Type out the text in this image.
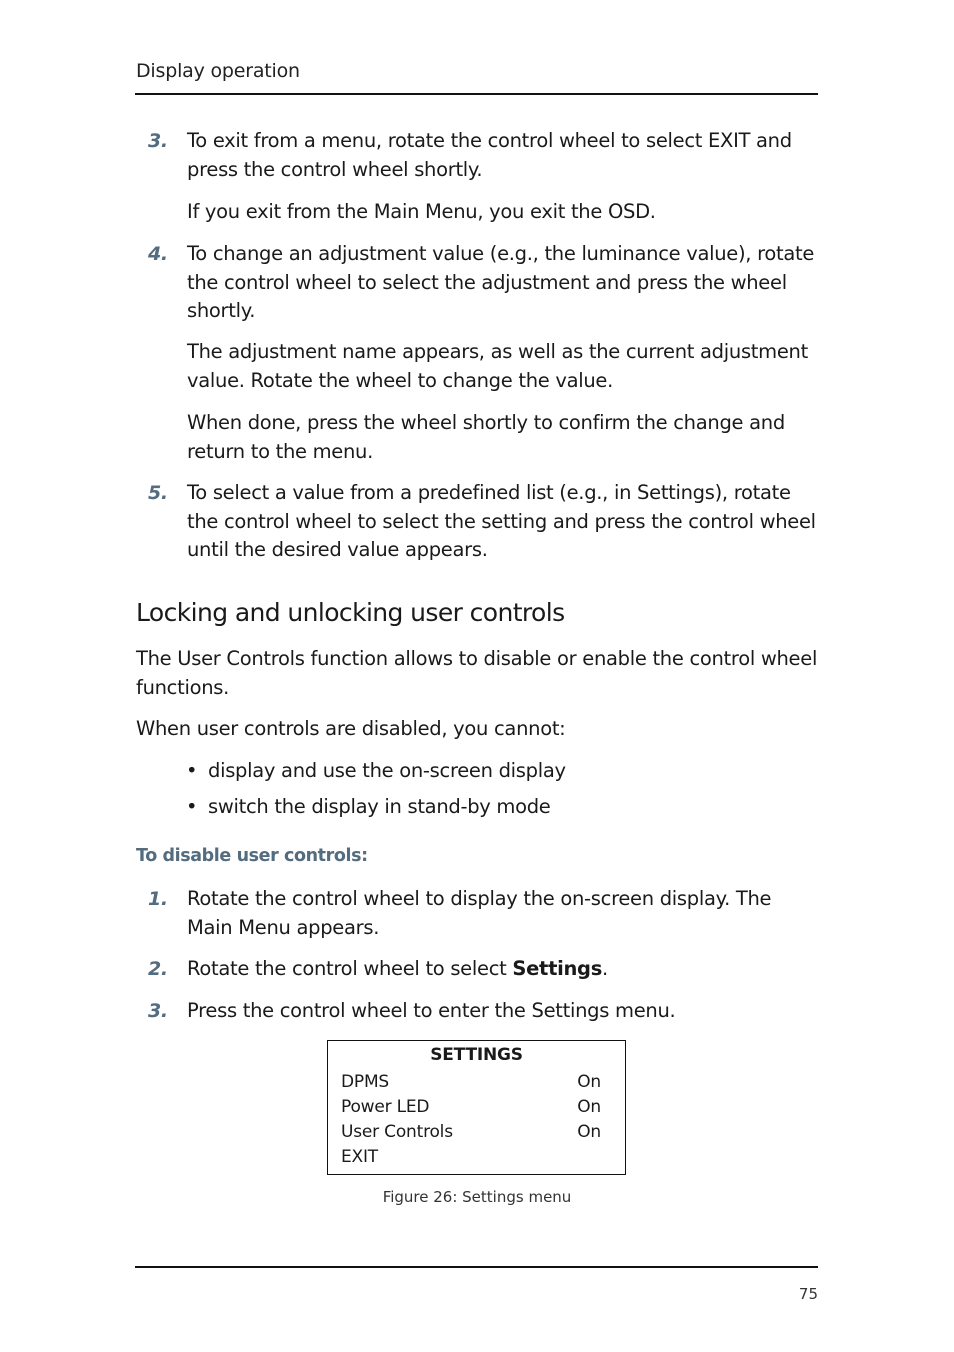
Display operation
3. To exit from a menu, rotate the control wheel to select EXIT and press the control wheel shortly.
If you exit from the Main Menu, you exit the OSD.
4. To change an adjustment value (e.g., the luminance value), rotate the control wheel to select the adjustment and press the wheel shortly.
The adjustment name appears, as well as the current adjustment value. Rotate the wheel to change the value.
When done, press the wheel shortly to confirm the change and return to the menu.
5. To select a value from a predefined list (e.g., in Settings), rotate the control wheel to select the setting and press the control wheel until the desired value appears.
Locking and unlocking user controls
The User Controls function allows to disable or enable the control wheel functions.
When user controls are disabled, you cannot:
• display and use the on-screen display
• switch the display in stand-by mode
To disable user controls:
1. Rotate the control wheel to display the on-screen display. The Main Menu appears.
2. Rotate the control wheel to select Settings.
3. Press the control wheel to enter the Settings menu.
SETTINGS
DPMS	On
Power LED	On
User Controls	On
EXIT
Figure 26: Settings menu
75
